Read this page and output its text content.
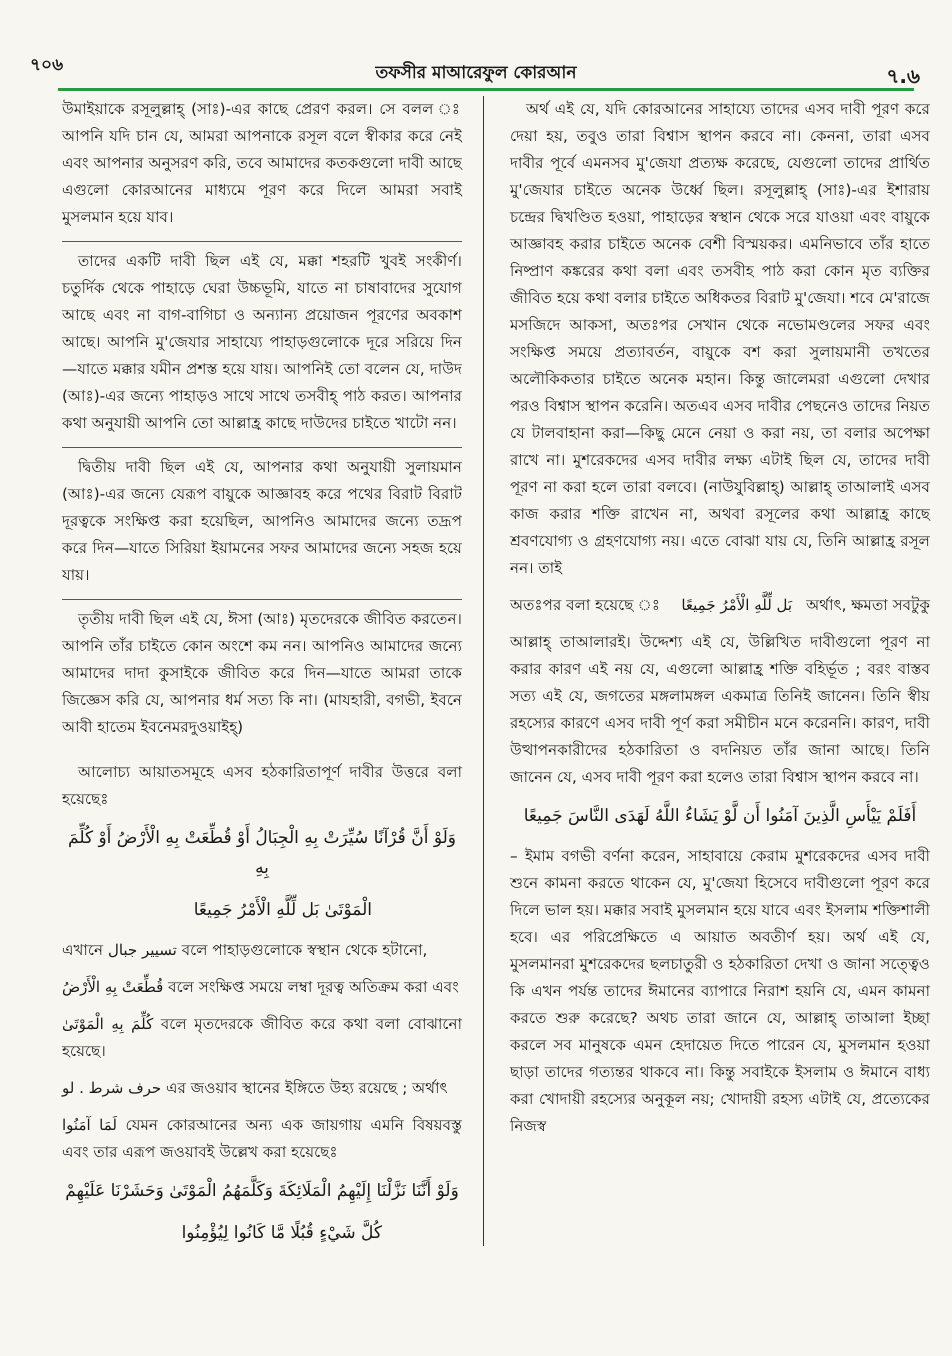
৭০৬	তফসীর মাআরেফুল কোরআন	৭.৬

উমাইয়াকে রসূলুল্লাহ্ (সাঃ)-এর কাছে প্রেরণ করল। সে বলল ঃ আপনি যদি চান যে, আমরা আপনাকে রসূল বলে স্বীকার করে নেই এবং আপনার অনুসরণ করি, তবে আমাদের কতকগুলো দাবী আছে এগুলো কোরআনের মাধ্যমে পূরণ করে দিলে আমরা সবাই মুসলমান হয়ে যাব।

তাদের একটি দাবী ছিল এই যে, মক্কা শহরটি খুবই সংকীর্ণ। চতুর্দিক থেকে পাহাড়ে ঘেরা উচ্চভূমি, যাতে না চাষাবাদের সুযোগ আছে এবং না বাগ-বাগিচা ও অন্যান্য প্রয়োজন পূরণের অবকাশ আছে। আপনি মু'জেযার সাহায্যে পাহাড়গুলোকে দূরে সরিয়ে দিন—যাতে মক্কার যমীন প্রশস্ত হয়ে যায়। আপনিই তো বলেন যে, দাউদ (আঃ)-এর জন্যে পাহাড়ও সাথে সাথে তসবীহ্ পাঠ করত। আপনার কথা অনুযায়ী আপনি তো আল্লাহ্র কাছে দাউদের চাইতে খাটো নন।

দ্বিতীয় দাবী ছিল এই যে, আপনার কথা অনুযায়ী সুলায়মান (আঃ)-এর জন্যে যেরূপ বায়ুকে আজ্ঞাবহ করে পথের বিরাট বিরাট দূরত্বকে সংক্ষিপ্ত করা হয়েছিল, আপনিও আমাদের জন্যে তদ্রূপ করে দিন—যাতে সিরিয়া ইয়ামনের সফর আমাদের জন্যে সহজ হয়ে যায়।

তৃতীয় দাবী ছিল এই যে, ঈসা (আঃ) মৃতদেরকে জীবিত করতেন। আপনি তাঁর চাইতে কোন অংশে কম নন। আপনিও আমাদের জন্যে আমাদের দাদা কুসাইকে জীবিত করে দিন—যাতে আমরা তাকে জিজ্ঞেস করি যে, আপনার ধর্ম সত্য কি না। (মাযহারী, বগভী, ইবনে আবী হাতেম ইবনেমরদুওয়াইহ্)

আলোচ্য আয়াতসমূহে এসব হঠকারিতাপূর্ণ দাবীর উত্তরে বলা হয়েছেঃ

وَلَوْ أَنَّ قُرْآنًا سُيِّرَتْ بِهِ الْجِبَالُ أَوْ قُطِّعَتْ بِهِ الْأَرْضُ أَوْ كُلِّمَ بِهِ
الْمَوْتَىٰ بَل لِّلَّهِ الْأَمْرُ جَمِيعًا

এখানে تسيير جبال বলে পাহাড়গুলোকে স্বস্থান থেকে হটানো,

قُطِّعَتْ بِهِ الْأَرْضُ বলে সংক্ষিপ্ত সময়ে লম্বা দূরত্ব অতিক্রম করা এবং

كُلِّمَ بِهِ الْمَوْتَىٰ বলে মৃতদেরকে জীবিত করে কথা বলা বোঝানো হয়েছে।

حرف شرط . لو এর জওয়াব স্থানের ইঙ্গিতে উহ্য রয়েছে ; অর্থাৎ

لَمَا آمَنُوا যেমন কোরআনের অন্য এক জায়গায় এমনি বিষয়বস্তু এবং তার এরূপ জওয়াবই উল্লেখ করা হয়েছেঃ

وَلَوْ أَنَّنَا نَزَّلْنَا إِلَيْهِمُ الْمَلَائِكَةَ وَكَلَّمَهُمُ الْمَوْتَىٰ وَحَشَرْنَا عَلَيْهِمْ
كُلَّ شَيْءٍ قُبُلًا مَّا كَانُوا لِيُؤْمِنُوا

অর্থ এই যে, যদি কোরআনের সাহায্যে তাদের এসব দাবী পূরণ করে দেয়া হয়, তবুও তারা বিশ্বাস স্থাপন করবে না। কেননা, তারা এসব দাবীর পূর্বে এমনসব মু'জেযা প্রত্যক্ষ করেছে, যেগুলো তাদের প্রার্থিত মু'জেযার চাইতে অনেক উর্ধ্বে ছিল। রসূলুল্লাহ্ (সাঃ)-এর ইশারায় চন্দ্রের দ্বিখণ্ডিত হওয়া, পাহাড়ের স্বস্থান থেকে সরে যাওয়া এবং বায়ুকে আজ্ঞাবহ করার চাইতে অনেক বেশী বিস্ময়কর। এমনিভাবে তাঁর হাতে নিষ্প্রাণ কঙ্করের কথা বলা এবং তসবীহ পাঠ করা কোন মৃত ব্যক্তির জীবিত হয়ে কথা বলার চাইতে অধিকতর বিরাট মু'জেযা। শবে মে'রাজে মসজিদে আকসা, অতঃপর সেখান থেকে নভোমণ্ডলের সফর এবং সংক্ষিপ্ত সময়ে প্রত্যাবর্তন, বায়ুকে বশ করা সুলায়মানী তখতের অলৌকিকতার চাইতে অনেক মহান। কিন্তু জালেমরা এগুলো দেখার পরও বিশ্বাস স্থাপন করেনি। অতএব এসব দাবীর পেছনেও তাদের নিয়ত যে টালবাহানা করা—কিছু মেনে নেয়া ও করা নয়, তা বলার অপেক্ষা রাখে না। মুশরেকদের এসব দাবীর লক্ষ্য এটাই ছিল যে, তাদের দাবী পূরণ না করা হলে তারা বলবে। (নাউযুবিল্লাহ্) আল্লাহ্ তাআলাই এসব কাজ করার শক্তি রাখেন না, অথবা রসূলের কথা আল্লাহ্র কাছে শ্রবণযোগ্য ও গ্রহণযোগ্য নয়। এতে বোঝা যায় যে, তিনি আল্লাহ্র রসূল নন। তাই

অতঃপর বলা হয়েছে ঃ	بَل لِّلَّهِ الْأَمْرُ جَمِيعًا অর্থাৎ, ক্ষমতা সবটুকু

আল্লাহ্ তাআলারই। উদ্দেশ্য এই যে, উল্লিখিত দাবীগুলো পূরণ না করার কারণ এই নয় যে, এগুলো আল্লাহ্র শক্তি বহির্ভূত ; বরং বাস্তব সত্য এই যে, জগতের মঙ্গলামঙ্গল একমাত্র তিনিই জানেন। তিনি স্বীয় রহস্যের কারণে এসব দাবী পূর্ণ করা সমীচীন মনে করেননি। কারণ, দাবী উত্থাপনকারীদের হঠকারিতা ও বদনিয়ত তাঁর জানা আছে। তিনি জানেন যে, এসব দাবী পূরণ করা হলেও তারা বিশ্বাস স্থাপন করবে না।

أَفَلَمْ يَيْأَسِ الَّذِينَ آمَنُوا أَن لَّوْ يَشَاءُ اللَّهُ لَهَدَى النَّاسَ جَمِيعًا

– ইমাম বগভী বর্ণনা করেন, সাহাবায়ে কেরাম মুশরেকদের এসব দাবী শুনে কামনা করতে থাকেন যে, মু'জেযা হিসেবে দাবীগুলো পূরণ করে দিলে ভাল হয়। মক্কার সবাই মুসলমান হয়ে যাবে এবং ইসলাম শক্তিশালী হবে। এর পরিপ্রেক্ষিতে এ আয়াত অবতীর্ণ হয়। অর্থ এই যে, মুসলমানরা মুশরেকদের ছলচাতুরী ও হঠকারিতা দেখা ও জানা সত্ত্বেও কি এখন পর্যন্ত তাদের ঈমানের ব্যাপারে নিরাশ হয়নি যে, এমন কামনা করতে শুরু করেছে? অথচ তারা জানে যে, আল্লাহ্ তাআলা ইচ্ছা করলে সব মানুষকে এমন হেদায়েত দিতে পারেন যে, মুসলমান হওয়া ছাড়া তাদের গত্যন্তর থাকবে না। কিন্তু সবাইকে ইসলাম ও ঈমানে বাধ্য করা খোদায়ী রহস্যের অনুকূল নয়; খোদায়ী রহস্য এটাই যে, প্রত্যেকের নিজস্ব
